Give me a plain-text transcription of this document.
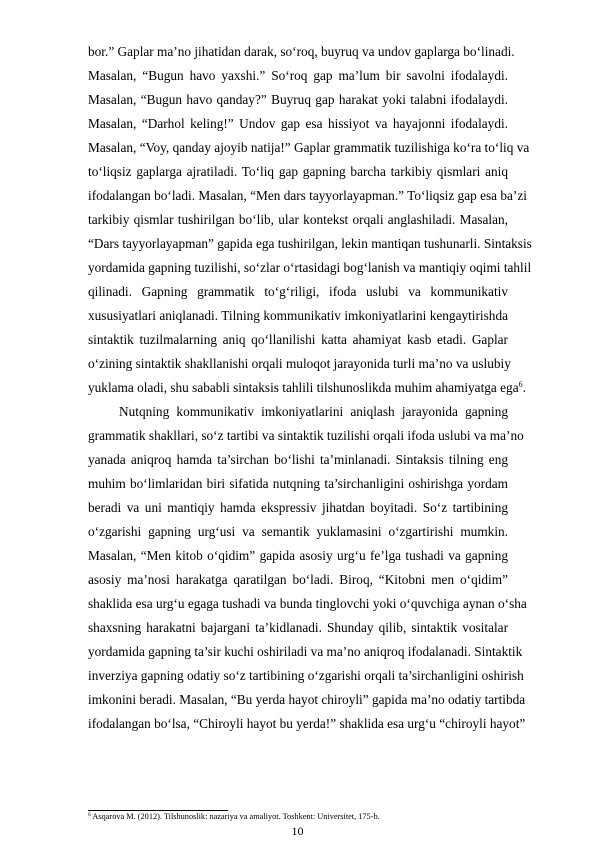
bor.” Gaplar ma’no jihatidan darak, so‘roq, buyruq va undov gaplarga bo‘linadi.
Masalan, “Bugun havo yaxshi.” So‘roq gap ma’lum bir savolni ifodalaydi.
Masalan, “Bugun havo qanday?” Buyruq gap harakat yoki talabni ifodalaydi.
Masalan, “Darhol keling!” Undov gap esa hissiyot va hayajonni ifodalaydi.
Masalan, “Voy, qanday ajoyib natija!” Gaplar grammatik tuzilishiga ko‘ra to‘liq va
to‘liqsiz gaplarga ajratiladi. To‘liq gap gapning barcha tarkibiy qismlari aniq
ifodalangan bo‘ladi. Masalan, “Men dars tayyorlayapman.” To‘liqsiz gap esa ba’zi
tarkibiy qismlar tushirilgan bo‘lib, ular kontekst orqali anglashiladi. Masalan,
“Dars tayyorlayapman” gapida ega tushirilgan, lekin mantiqan tushunarli. Sintaksis
yordamida gapning tuzilishi, so‘zlar o‘rtasidagi bog‘lanish va mantiqiy oqimi tahlil
qilinadi. Gapning grammatik to‘g‘riligi, ifoda uslubi va kommunikativ
xususiyatlari aniqlanadi. Tilning kommunikativ imkoniyatlarini kengaytirishda
sintaktik tuzilmalarning aniq qo‘llanilishi katta ahamiyat kasb etadi. Gaplar
o‘zining sintaktik shakllanishi orqali muloqot jarayonida turli ma’no va uslubiy
yuklama oladi, shu sababli sintaksis tahlili tilshunoslikda muhim ahamiyatga ega$^6$.
Nutqning kommunikativ imkoniyatlarini aniqlash jarayonida gapning
grammatik shakllari, so‘z tartibi va sintaktik tuzilishi orqali ifoda uslubi va ma’no
yanada aniqroq hamda ta’sirchan bo‘lishi ta’minlanadi. Sintaksis tilning eng
muhim bo‘limlaridan biri sifatida nutqning ta’sirchanligini oshirishga yordam
beradi va uni mantiqiy hamda ekspressiv jihatdan boyitadi. So‘z tartibining
o‘zgarishi gapning urg‘usi va semantik yuklamasini o‘zgartirishi mumkin.
Masalan, “Men kitob o‘qidim” gapida asosiy urg‘u fe’lga tushadi va gapning
asosiy ma’nosi harakatga qaratilgan bo‘ladi. Biroq, “Kitobni men o‘qidim”
shaklida esa urg‘u egaga tushadi va bunda tinglovchi yoki o‘quvchiga aynan o‘sha
shaxsning harakatni bajargani ta’kidlanadi. Shunday qilib, sintaktik vositalar
yordamida gapning ta’sir kuchi oshiriladi va ma’no aniqroq ifodalanadi. Sintaktik
inverziya gapning odatiy so‘z tartibining o‘zgarishi orqali ta’sirchanligini oshirish
imkonini beradi. Masalan, “Bu yerda hayot chiroyli” gapida ma’no odatiy tartibda
ifodalangan bo‘lsa, “Chiroyli hayot bu yerda!” shaklida esa urg‘u “chiroyli hayot”
$^6$ Asqarova M. (2012). Tilshunoslik: nazariya va amaliyot. Toshkent: Universitet, 175-b.
10
